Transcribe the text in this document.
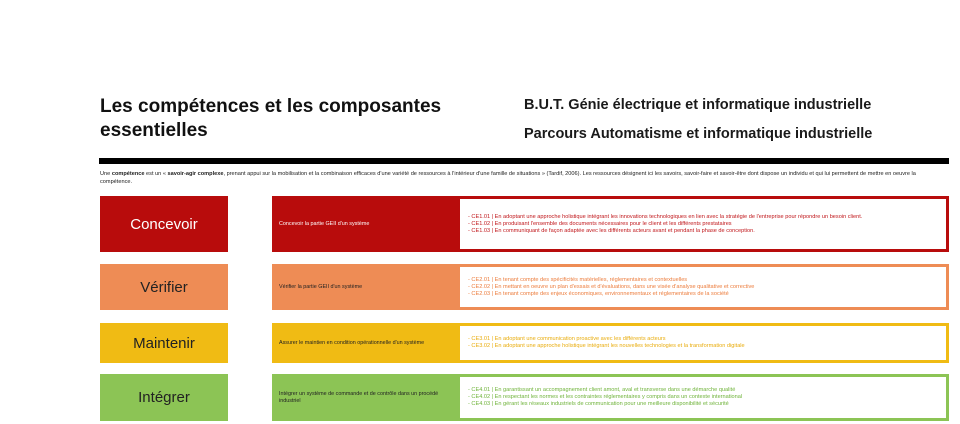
Les compétences et les composantes essentielles
B.U.T. Génie électrique et informatique industrielle
Parcours Automatisme et informatique industrielle
Une compétence est un « savoir-agir complexe, prenant appui sur la mobilisation et la combinaison efficaces d'une variété de ressources à l'intérieur d'une famille de situations » (Tardif, 2006). Les ressources désignent ici les savoirs, savoir-faire et savoir-être dont dispose un individu et qui lui permettent de mettre en oeuvre la compétence.
Concevoir	Concevoir la partie GEII d'un système
- CE1.01 | En adoptant une approche holistique intégrant les innovations technologiques en lien avec la stratégie de l'entreprise pour répondre un besoin client.
- CE1.02 | En produisant l'ensemble des documents nécessaires pour le client et les différents prestataires
- CE1.03 | En communiquant de façon adaptée avec les différents acteurs avant et pendant la phase de conception.
Vérifier	Vérifier la partie GEII d'un système
- CE2.01 | En tenant compte des spécificités matérielles, réglementaires et contextuelles
- CE2.02 | En mettant en oeuvre un plan d'essais et d'évaluations, dans une visée d'analyse qualitative et corrective
- CE2.03 | En tenant compte des enjeux économiques, environnementaux et réglementaires de la société
Maintenir	Assurer le maintien en condition opérationnelle d'un système
- CE3.01 | En adoptant une communication proactive avec les différents acteurs
- CE3.02 | En adoptant une approche holistique intégrant les nouvelles technologies et la transformation digitale
Intégrer	Intégrer un système de commande et de contrôle dans un procédé industriel
- CE4.01 | En garantissant un accompagnement client amont, aval et transverse dans une démarche qualité
- CE4.02 | En respectant les normes et les contraintes réglementaires y compris dans un contexte international
- CE4.03 | En gérant les réseaux industriels de communication pour une meilleure disponibilité et sécurité
